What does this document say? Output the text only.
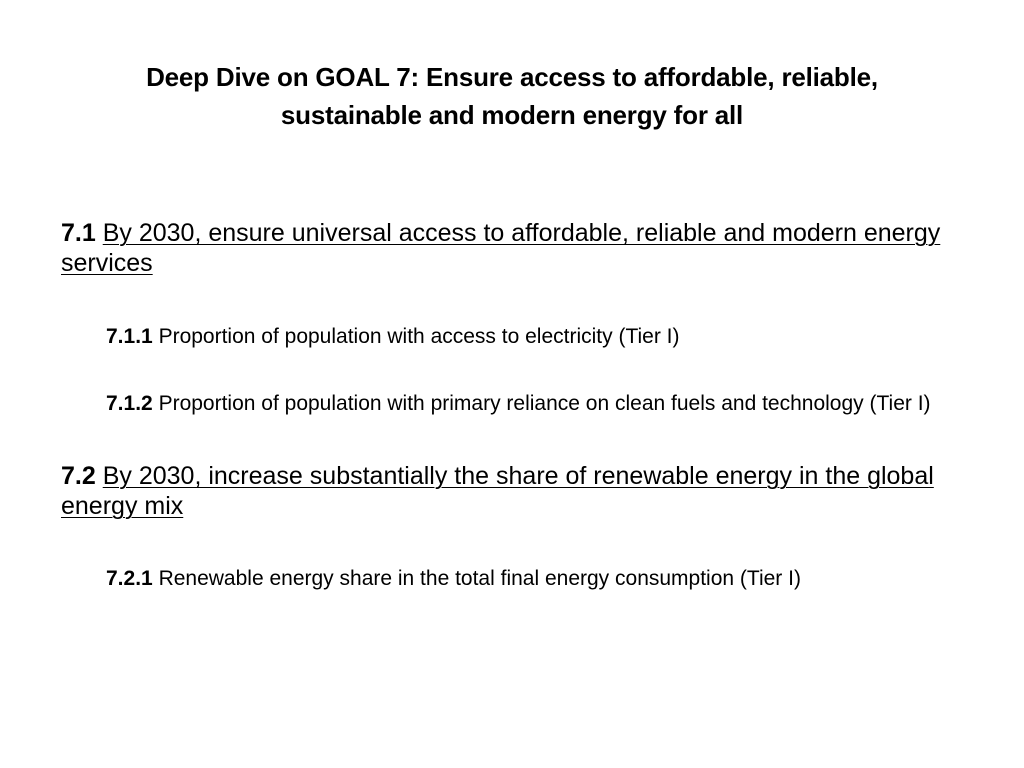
Deep Dive on GOAL 7: Ensure access to affordable, reliable, sustainable and modern energy for all

7.1 By 2030, ensure universal access to affordable, reliable and modern energy services

7.1.1 Proportion of population with access to electricity (Tier I)
7.1.2 Proportion of population with primary reliance on clean fuels and technology (Tier I)

7.2 By 2030, increase substantially the share of renewable energy in the global energy mix

7.2.1 Renewable energy share in the total final energy consumption (Tier I)
